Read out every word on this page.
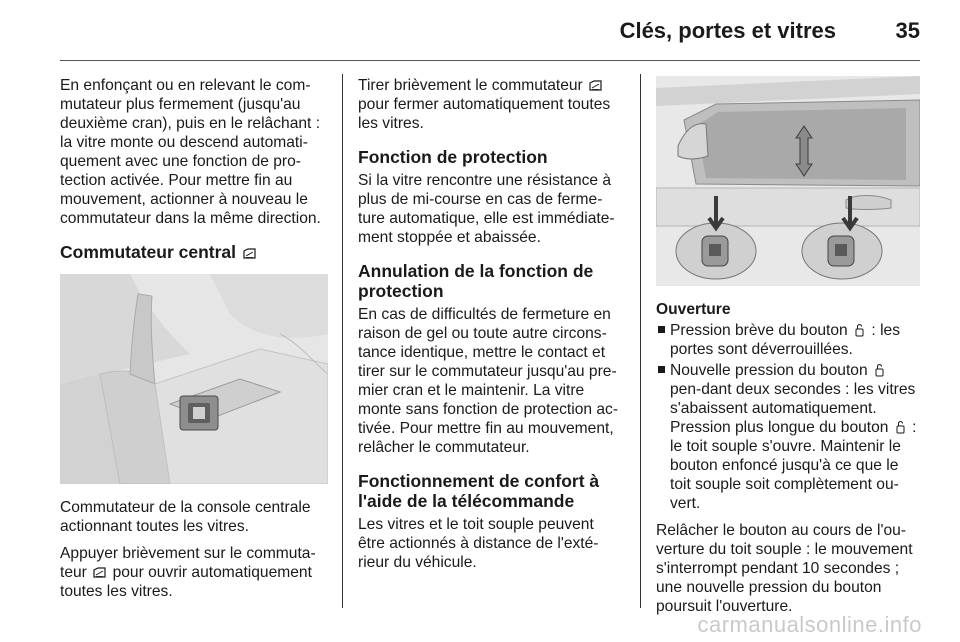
Clés, portes et vitres	35

En enfonçant ou en relevant le com-mutateur plus fermement (jusqu'au deuxième cran), puis en le relâchant : la vitre monte ou descend automati-quement avec une fonction de pro-tection activée. Pour mettre fin au mouvement, actionner à nouveau le commutateur dans la même direction.

Commutateur central

Commutateur de la console centrale actionnant toutes les vitres.

Appuyer brièvement sur le commuta-teur pour ouvrir automatiquement toutes les vitres.

Tirer brièvement le commutateur  pour fermer automatiquement toutes les vitres.

Fonction de protection

Si la vitre rencontre une résistance à plus de mi-course en cas de ferme-ture automatique, elle est immédiate-ment stoppée et abaissée.

Annulation de la fonction de protection

En cas de difficultés de fermeture en raison de gel ou toute autre circons-tance identique, mettre le contact et tirer sur le commutateur jusqu'au pre-mier cran et le maintenir. La vitre monte sans fonction de protection ac-tivée. Pour mettre fin au mouvement, relâcher le commutateur.

Fonctionnement de confort à l'aide de la télécommande

Les vitres et le toit souple peuvent être actionnés à distance de l'exté-rieur du véhicule.

Ouverture
Pression brève du bouton : les portes sont déverrouillées.
Nouvelle pression du bouton  pen-dant deux secondes : les vitres s'abaissent automatiquement. Pression plus longue du bouton : le toit souple s'ouvre. Maintenir le bouton enfoncé jusqu'à ce que le toit souple soit complètement ou-vert.

Relâcher le bouton au cours de l'ou-verture du toit souple : le mouvement s'interrompt pendant 10 secondes ; une nouvelle pression du bouton poursuit l'ouverture.

carmanualsonline.info
